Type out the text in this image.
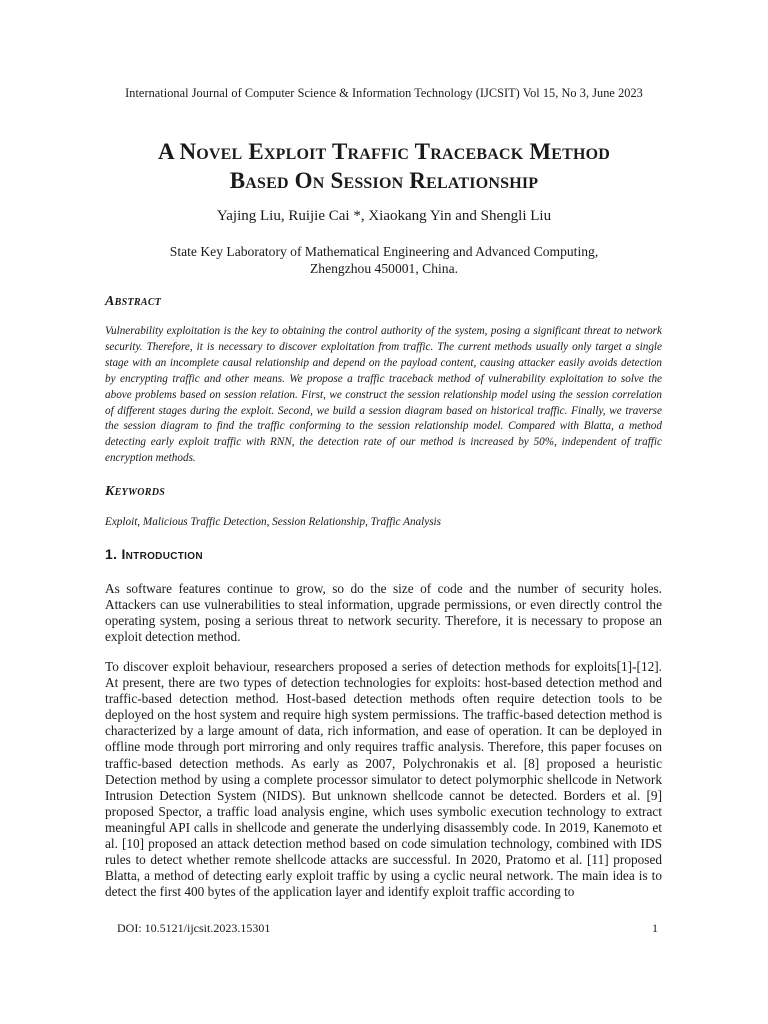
International Journal of Computer Science & Information Technology (IJCSIT) Vol 15, No 3, June 2023
A Novel Exploit Traffic Traceback Method
Based On Session Relationship
Yajing Liu, Ruijie Cai *, Xiaokang Yin and Shengli Liu
State Key Laboratory of Mathematical Engineering and Advanced Computing,
Zhengzhou 450001, China.
Abstract
Vulnerability exploitation is the key to obtaining the control authority of the system, posing a significant threat to network security. Therefore, it is necessary to discover exploitation from traffic. The current methods usually only target a single stage with an incomplete causal relationship and depend on the payload content, causing attacker easily avoids detection by encrypting traffic and other means. We propose a traffic traceback method of vulnerability exploitation to solve the above problems based on session relation. First, we construct the session relationship model using the session correlation of different stages during the exploit. Second, we build a session diagram based on historical traffic. Finally, we traverse the session diagram to find the traffic conforming to the session relationship model. Compared with Blatta, a method detecting early exploit traffic with RNN, the detection rate of our method is increased by 50%, independent of traffic encryption methods.
Keywords
Exploit, Malicious Traffic Detection, Session Relationship, Traffic Analysis
1. Introduction
As software features continue to grow, so do the size of code and the number of security holes. Attackers can use vulnerabilities to steal information, upgrade permissions, or even directly control the operating system, posing a serious threat to network security. Therefore, it is necessary to propose an exploit detection method.
To discover exploit behaviour, researchers proposed a series of detection methods for exploits[1]-[12]. At present, there are two types of detection technologies for exploits: host-based detection method and traffic-based detection method. Host-based detection methods often require detection tools to be deployed on the host system and require high system permissions. The traffic-based detection method is characterized by a large amount of data, rich information, and ease of operation. It can be deployed in offline mode through port mirroring and only requires traffic analysis. Therefore, this paper focuses on traffic-based detection methods. As early as 2007, Polychronakis et al. [8] proposed a heuristic Detection method by using a complete processor simulator to detect polymorphic shellcode in Network Intrusion Detection System (NIDS). But unknown shellcode cannot be detected. Borders et al. [9] proposed Spector, a traffic load analysis engine, which uses symbolic execution technology to extract meaningful API calls in shellcode and generate the underlying disassembly code. In 2019, Kanemoto et al. [10] proposed an attack detection method based on code simulation technology, combined with IDS rules to detect whether remote shellcode attacks are successful. In 2020, Pratomo et al. [11] proposed Blatta, a method of detecting early exploit traffic by using a cyclic neural network. The main idea is to detect the first 400 bytes of the application layer and identify exploit traffic according to
DOI: 10.5121/ijcsit.2023.15301	1
